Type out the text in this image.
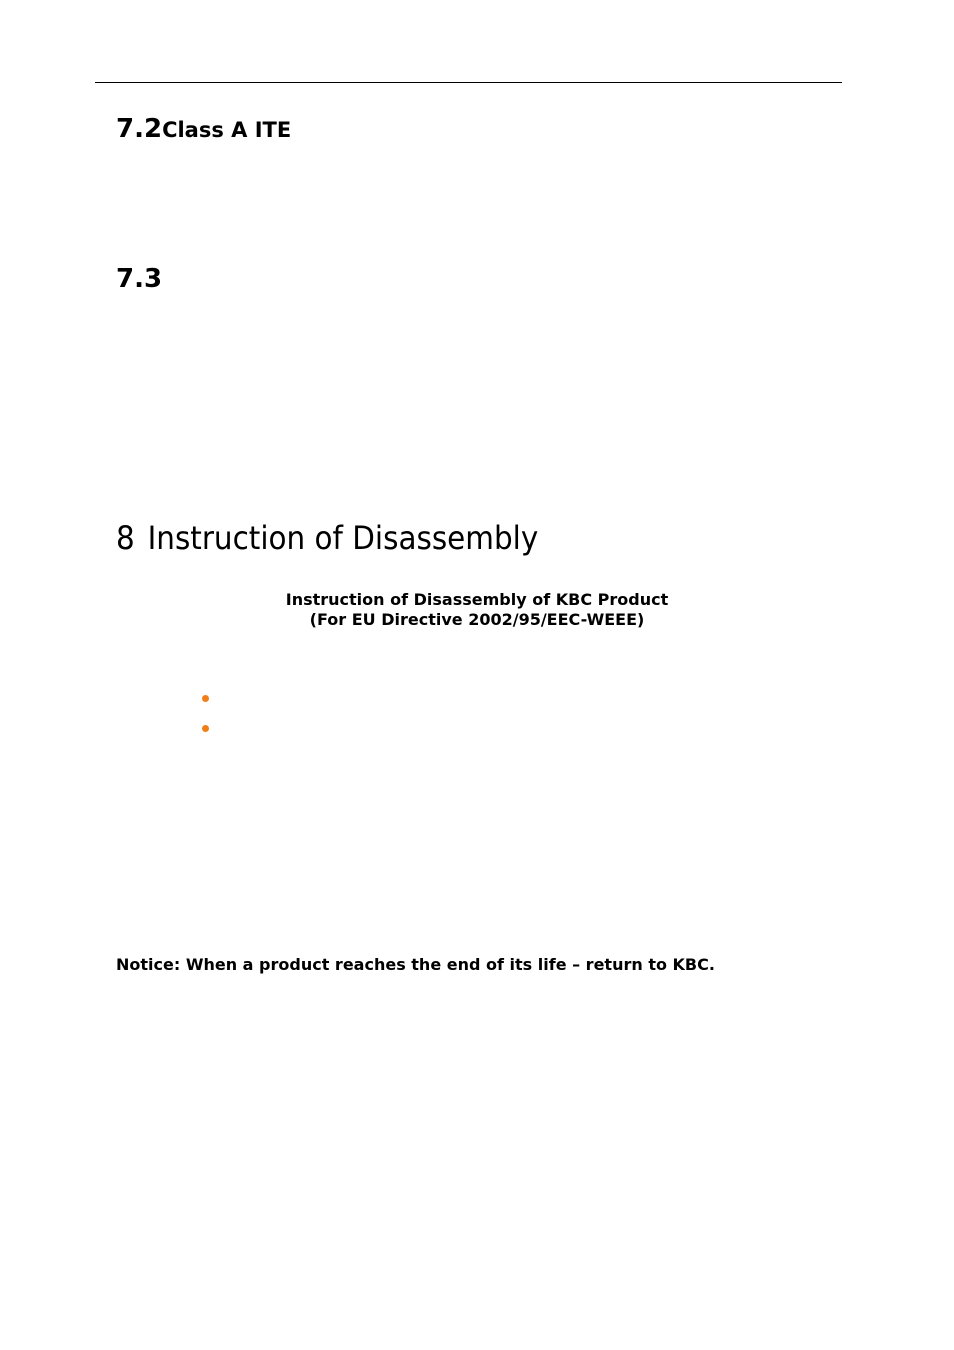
7.2Class A ITE
7.3
8 Instruction of Disassembly
Instruction of Disassembly of KBC Product
(For EU Directive 2002/95/EEC-WEEE)
Notice: When a product reaches the end of its life – return to KBC.
